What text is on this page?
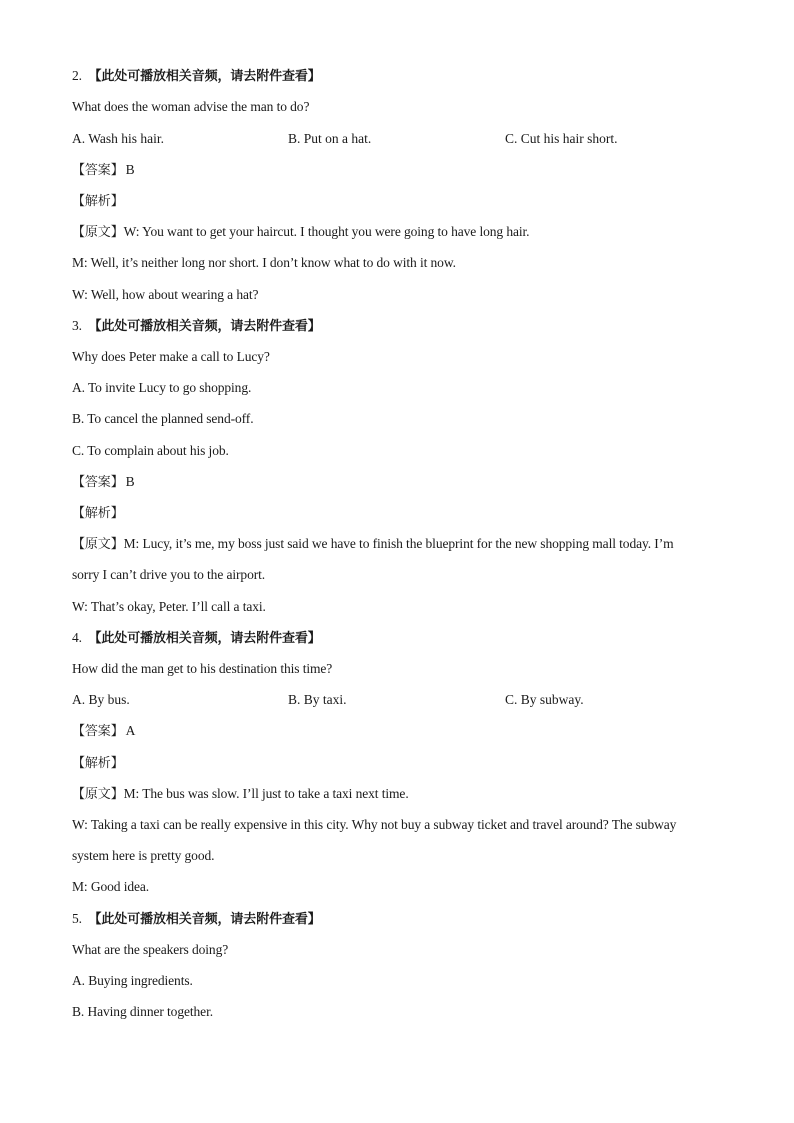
2. 【此处可播放相关音频，请去附件查看】
What does the woman advise the man to do?
A. Wash his hair.	B. Put on a hat.	C. Cut his hair short.
【答案】 B
【解析】
【原文】W: You want to get your haircut. I thought you were going to have long hair.
M: Well, it’s neither long nor short. I don’t know what to do with it now.
W: Well, how about wearing a hat?
3. 【此处可播放相关音频，请去附件查看】
Why does Peter make a call to Lucy?
A. To invite Lucy to go shopping.
B. To cancel the planned send-off.
C. To complain about his job.
【答案】 B
【解析】
【原文】M: Lucy, it’s me, my boss just said we have to finish the blueprint for the new shopping mall today. I’m
sorry I can’t drive you to the airport.
W: That’s okay, Peter. I’ll call a taxi.
4. 【此处可播放相关音频，请去附件查看】
How did the man get to his destination this time?
A. By bus.	B. By taxi.	C. By subway.
【答案】 A
【解析】
【原文】M: The bus was slow. I’ll just to take a taxi next time.
W: Taking a taxi can be really expensive in this city. Why not buy a subway ticket and travel around? The subway
system here is pretty good.
M: Good idea.
5. 【此处可播放相关音频，请去附件查看】
What are the speakers doing?
A. Buying ingredients.
B. Having dinner together.
